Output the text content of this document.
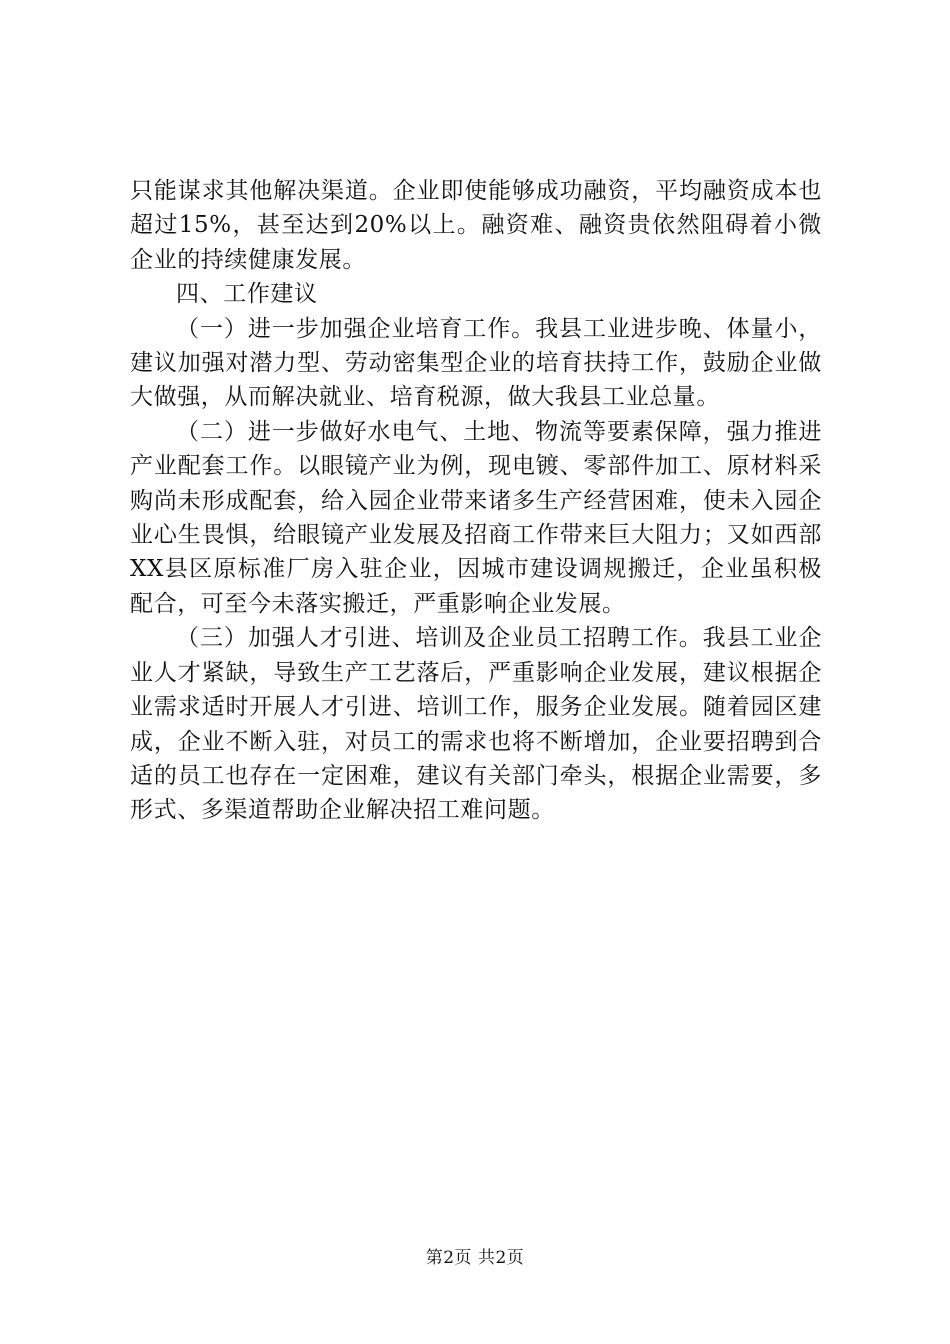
只能谋求其他解决渠道。企业即使能够成功融资，平均融资成本也超过15%，甚至达到20%以上。融资难、融资贵依然阻碍着小微企业的持续健康发展。

四、工作建议

（一）进一步加强企业培育工作。我县工业进步晚、体量小，建议加强对潜力型、劳动密集型企业的培育扶持工作，鼓励企业做大做强，从而解决就业、培育税源，做大我县工业总量。

（二）进一步做好水电气、土地、物流等要素保障，强力推进产业配套工作。以眼镜产业为例，现电镀、零部件加工、原材料采购尚未形成配套，给入园企业带来诸多生产经营困难，使未入园企业心生畏惧，给眼镜产业发展及招商工作带来巨大阻力；又如西部XX县区原标准厂房入驻企业，因城市建设调规搬迁，企业虽积极配合，可至今未落实搬迁，严重影响企业发展。

（三）加强人才引进、培训及企业员工招聘工作。我县工业企业人才紧缺，导致生产工艺落后，严重影响企业发展，建议根据企业需求适时开展人才引进、培训工作，服务企业发展。随着园区建成，企业不断入驻，对员工的需求也将不断增加，企业要招聘到合适的员工也存在一定困难，建议有关部门牵头，根据企业需要，多形式、多渠道帮助企业解决招工难问题。

第2页 共2页
